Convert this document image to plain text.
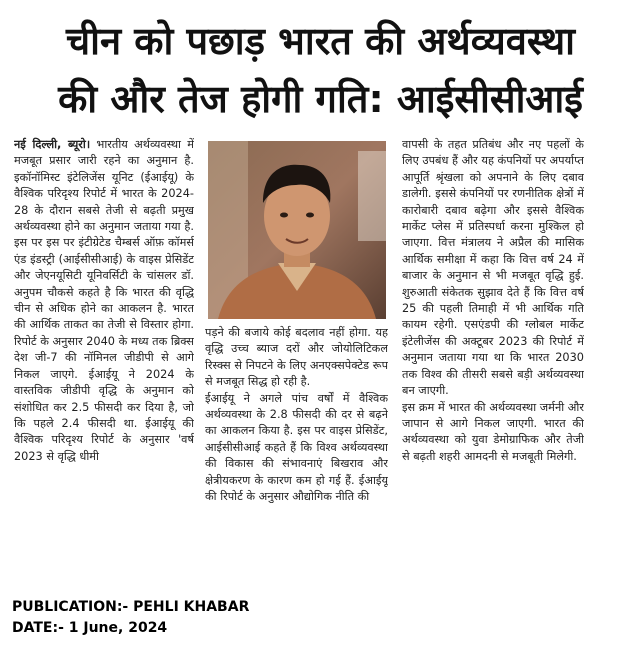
चीन को पछाड़ भारत की अर्थव्यवस्था
की और तेज होगी गति: आईसीसीआई

नई दिल्ली, ब्यूरो। भारतीय अर्थव्यवस्था में मजबूत प्रसार जारी रहने का अनुमान है. इकॉनॉमिस्ट इंटेलिजेंस यूनिट (ईआईयू) के वैश्विक परिदृश्य रिपोर्ट में भारत के 2024-28 के दौरान सबसे तेजी से बढ़ती प्रमुख अर्थव्यवस्था होने का अनुमान जताया गया है. इस पर इस पर इंटीग्रेटेड चैम्बर्स ऑफ़ कॉमर्स एंड इंडस्ट्री (आईसीसीआई) के वाइस प्रेसिडेंट और जेएनयूसिटी यूनिवर्सिटी के चांसलर डॉ. अनुपम चौकसे कहते है कि भारत की वृद्धि चीन से अधिक होने का आकलन है. भारत की आर्थिक ताकत का तेजी से विस्तार होगा. रिपोर्ट के अनुसार 2040 के मध्य तक ब्रिक्स देश जी-7 की नॉमिनल जीडीपी से आगे निकल जाएगे. ईआईयू ने 2024 के वास्तविक जीडीपी वृद्धि के अनुमान को संशोधित कर 2.5 फीसदी कर दिया है, जो कि पहले 2.4 फीसदी था. ईआईयू की वैश्विक परिदृश्य रिपोर्ट के अनुसार 'वर्ष 2023 से वृद्धि धीमी

पड़ने की बजाये कोई बदलाव नहीं होगा. यह वृद्धि उच्च ब्याज दरों और जोयोलिटिकल रिस्क्स से निपटने के लिए अनएक्सपेक्टेड रूप से मजबूत सिद्ध हो रही है.

ईआईयू ने अगले पांच वर्षों में वैश्विक अर्थव्यवस्था के 2.8 फीसदी की दर से बढ़ने का आकलन किया है. इस पर वाइस प्रेसिडेंट, आईसीसीआई कहते हैं कि विश्व अर्थव्यवस्था की विकास की संभावनाएं बिखराव और क्षेत्रीयकरण के कारण कम हो गई हैं. ईआईयू की रिपोर्ट के अनुसार औद्योगिक नीति की

वापसी के तहत प्रतिबंध और नए पहलों के लिए उपबंध हैं और यह कंपनियों पर अपर्याप्त आपूर्ति श्रृंखला को अपनाने के लिए दबाव डालेगी. इससे कंपनियों पर रणनीतिक क्षेत्रों में कारोबारी दबाव बढ़ेगा और इससे वैश्विक मार्केट प्लेस में प्रतिस्पर्धा करना मुश्किल हो जाएगा. वित्त मंत्रालय ने अप्रैल की मासिक आर्थिक समीक्षा में कहा कि वित्त वर्ष 24 में बाजार के अनुमान से भी मजबूत वृद्धि हुई. शुरुआती संकेतक सुझाव देते हैं कि वित्त वर्ष 25 की पहली तिमाही में भी आर्थिक गति कायम रहेगी. एसएंडपी की ग्लोबल मार्केट इंटेलीजेंस की अक्टूबर 2023 की रिपोर्ट में अनुमान जताया गया था कि भारत 2030 तक विश्व की तीसरी सबसे बड़ी अर्थव्यवस्था बन जाएगी.

इस क्रम में भारत की अर्थव्यवस्था जर्मनी और जापान से आगे निकल जाएगी. भारत की अर्थव्यवस्था को युवा डेमोग्राफिक और तेजी से बढ़ती शहरी आमदनी से मजबूती मिलेगी.

PUBLICATION:- PEHLI KHABAR
DATE:- 1 June, 2024
